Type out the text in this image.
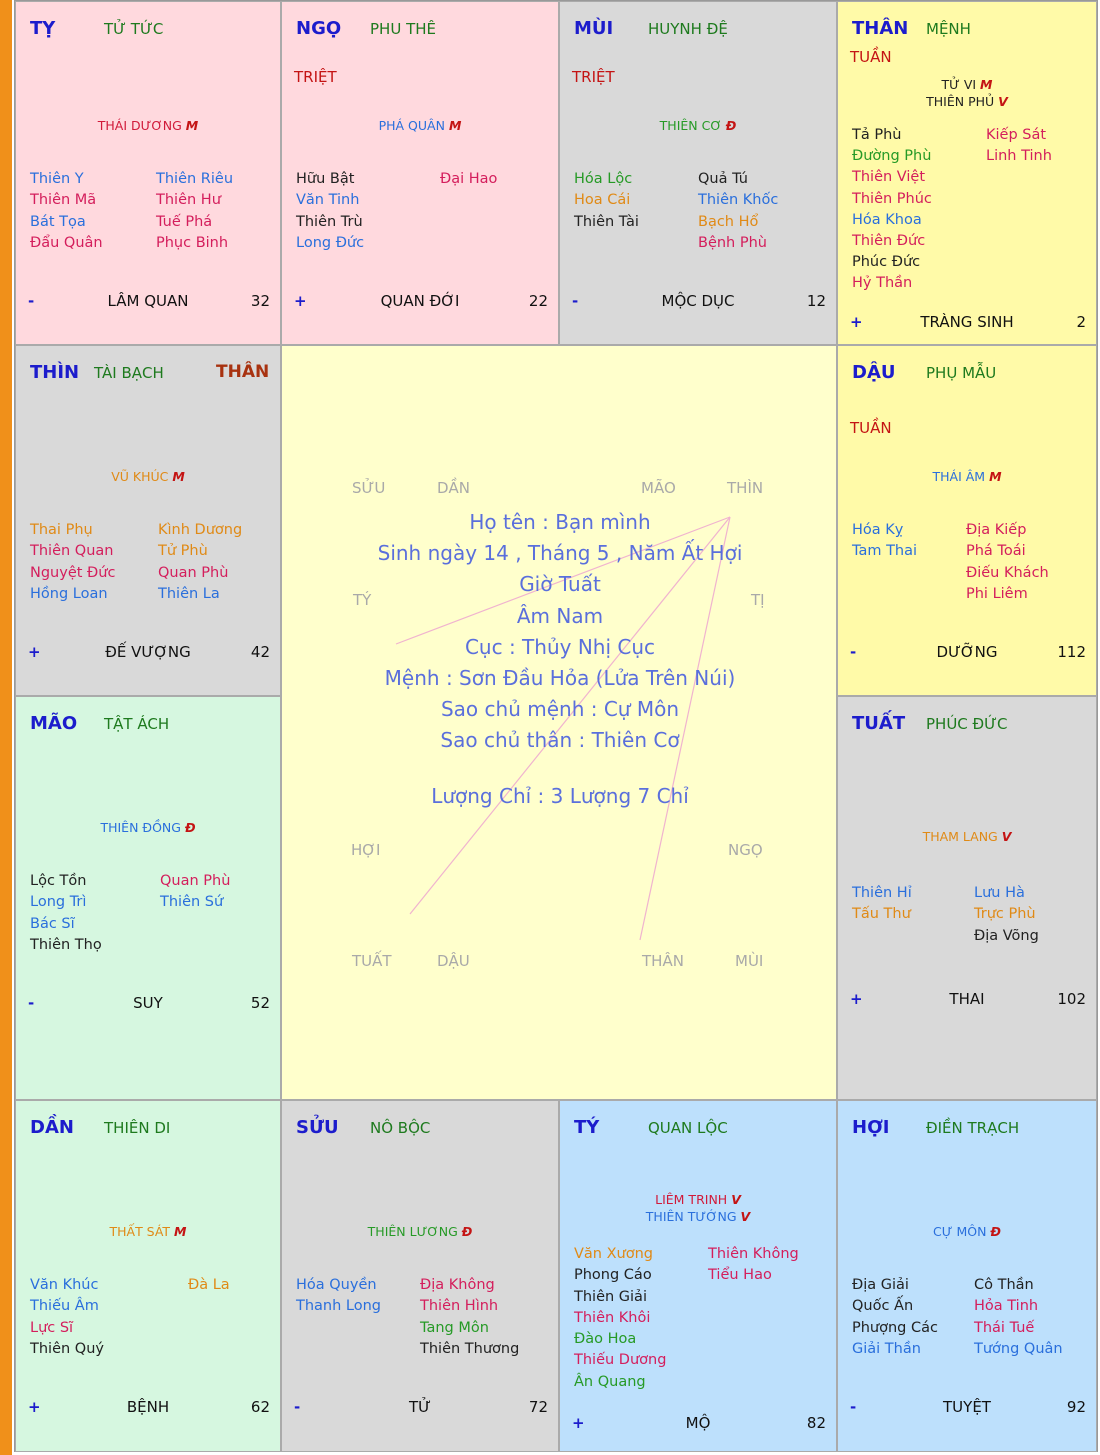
TỴ	TỬ TỨC
THÁI DƯƠNG M
Thiên Y
Thiên Mã
Bát Tọa
Đẩu Quân
Thiên Riêu
Thiên Hư
Tuế Phá
Phục Binh
-	LÂM QUAN	32
NGỌ PHU THÊ
TRIỆT
PHÁ QUÂN M
Hữu Bật
Văn Tinh
Thiên Trù
Long Đức
Đại Hao
+	QUAN ĐỚI	22
MÙI HUYNH ĐỆ
TRIỆT
THIÊN CƠ Đ
Hóa Lộc
Hoa Cái
Thiên Tài
Quả Tú
Thiên Khốc
Bạch Hổ
Bệnh Phù
-	MỘC DỤC	12
THÂN MỆNH
TUẦN
TỬ VI M
THIÊN PHỦ V
Tả Phù
Đường Phù
Thiên Việt
Thiên Phúc
Hóa Khoa
Thiên Đức
Phúc Đức
Hỷ Thần
Kiếp Sát
Linh Tinh
+	TRÀNG SINH	2
THÌN TÀI BẠCH	THÂN
VŨ KHÚC M
Thai Phụ
Thiên Quan
Nguyệt Đức
Hồng Loan
Kình Dương
Tử Phù
Quan Phù
Thiên La
+	ĐẾ VƯỢNG	42
DẬU PHỤ MẪU
TUẦN
THÁI ÂM M
Hóa Kỵ
Tam Thai
Địa Kiếp
Phá Toái
Điếu Khách
Phi Liêm
-	DƯỠNG	112
MÃO TẬT ÁCH
THIÊN ĐỒNG Đ
Lộc Tồn
Long Trì
Bác Sĩ
Thiên Thọ
Quan Phù
Thiên Sứ
-	SUY	52
TUẤT PHÚC ĐỨC
THAM LANG V
Thiên Hỉ
Tấu Thư
Lưu Hà
Trực Phù
Địa Võng
+	THAI	102
DẦN THIÊN DI
THẤT SÁT M
Văn Khúc
Thiếu Âm
Lực Sĩ
Thiên Quý
Đà La
+	BỆNH	62
SỬU NÔ BỘC
THIÊN LƯƠNG Đ
Hóa Quyền
Thanh Long
Địa Không
Thiên Hình
Tang Môn
Thiên Thương
-	TỬ	72
TÝ	QUAN LỘC
LIÊM TRINH V
THIÊN TƯỚNG V
Văn Xương
Phong Cáo
Thiên Giải
Thiên Khôi
Đào Hoa
Thiếu Dương
Ân Quang
Thiên Không
Tiểu Hao
+	MỘ	82
HỢI ĐIỀN TRẠCH
CỰ MÔN Đ
Địa Giải
Quốc Ấn
Phượng Các
Giải Thần
Cô Thần
Hỏa Tinh
Thái Tuế
Tướng Quân
-	TUYỆT	92
SỬU	DẦN	MÃO	THÌN
TÝ	TỊ
HỢI	NGỌ
TUẤT	DẬU	THÂN	MÙI
Họ tên : Bạn mình
Sinh ngày 14 , Tháng 5 , Năm Ất Hợi
Giờ Tuất
Âm Nam
Cục : Thủy Nhị Cục
Mệnh : Sơn Đầu Hỏa (Lửa Trên Núi)
Sao chủ mệnh : Cự Môn
Sao chủ thân : Thiên Cơ
Lượng Chỉ : 3 Lượng 7 Chỉ
